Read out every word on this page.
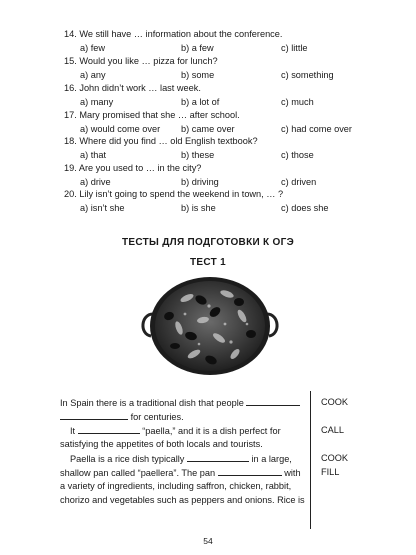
14. We still have … information about the conference.
a) few	b) a few	c) little
15. Would you like … pizza for lunch?
a) any	b) some	c) something
16. John didn’t work … last week.
a) many	b) a lot of	c) much
17. Mary promised that she … after school.
a) would come over b) came over	c) had come over
18. Where did you find … old English textbook?
a) that	b) these	c) those
19. Are you used to … in the city?
a) drive	b) driving	c) driven
20. Lily isn’t going to spend the weekend in town, … ?
a) isn’t she	b) is she	c) does she
ТЕСТЫ ДЛЯ ПОДГОТОВКИ К ОГЭ
ТЕСТ 1
In Spain there is a traditional dish that people
for centuries.
It	“paella,” and it is a dish perfect for
satisfying the appetites of both locals and tourists.
Paella is a rice dish typically	in a large,
shallow pan called “paellera”. The pan	with
a variety of ingredients, including saffron, chicken, rabbit,
chorizo and vegetables such as peppers and onions. Rice is
COOK
CALL
COOK
FILL
54
